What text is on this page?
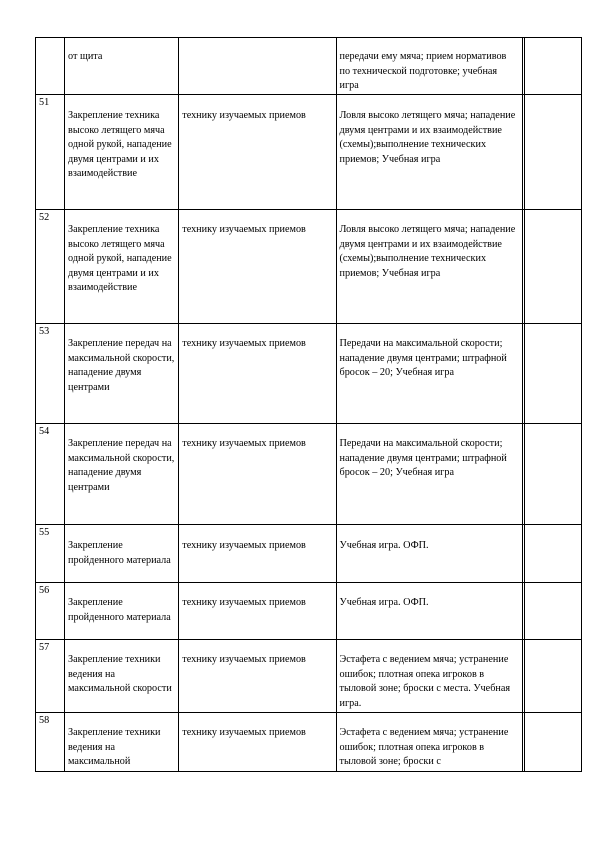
	от щита		передачи ему мяча; прием нормативов по технической подготовке; учебная игра		
51	Закрепление техника высоко летящего мяча одной рукой, нападение двумя центрами и их взаимодействие	технику изучаемых приемов	Ловля высоко летящего мяча; нападение двумя центрами и их взаимодействие (схемы);выполнение технических приемов; Учебная игра		
52	Закрепление техника высоко летящего мяча одной рукой, нападение двумя центрами и их взаимодействие	технику изучаемых приемов	Ловля высоко летящего мяча; нападение двумя центрами и их взаимодействие (схемы);выполнение технических приемов; Учебная игра		
53	Закрепление передач на максимальной скорости, нападение двумя центрами	технику изучаемых приемов	Передачи на максимальной скорости; нападение двумя центрами; штрафной бросок – 20; Учебная игра		
54	Закрепление передач на максимальной скорости, нападение двумя центрами	технику изучаемых приемов	Передачи на максимальной скорости; нападение двумя центрами; штрафной бросок – 20; Учебная игра		
55	Закрепление пройденного материала	технику изучаемых приемов	Учебная игра. ОФП.		
56	Закрепление пройденного материала	технику изучаемых приемов	Учебная игра. ОФП.		
57	Закрепление техники ведения на максимальной скорости	технику изучаемых приемов	Эстафета с ведением мяча; устранение ошибок; плотная опека игроков в тыловой зоне; броски с места. Учебная игра.		
58	Закрепление техники ведения на максимальной	технику изучаемых приемов	Эстафета с ведением мяча; устранение ошибок; плотная опека игроков в тыловой зоне; броски с		
